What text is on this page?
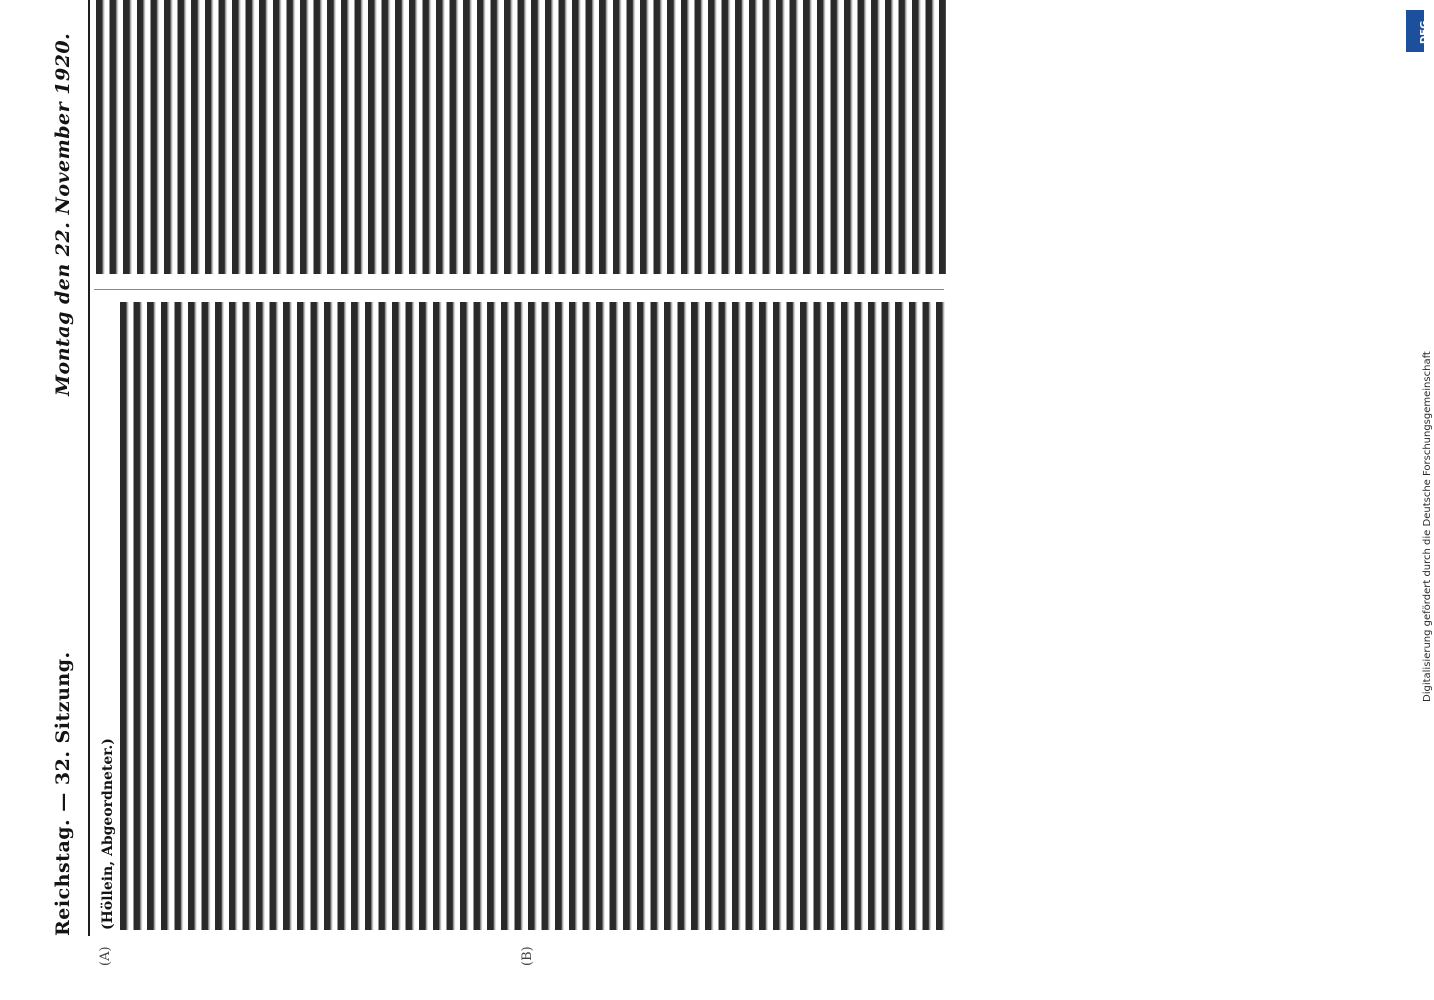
Reichstag. — 32. Sitzung.
Montag den 22. November 1920.
(A)	(B)
(Höllein, Abgeordneter.)
DFG
Digitalisierung gefördert durch die Deutsche Forschungsgemeinschaft
